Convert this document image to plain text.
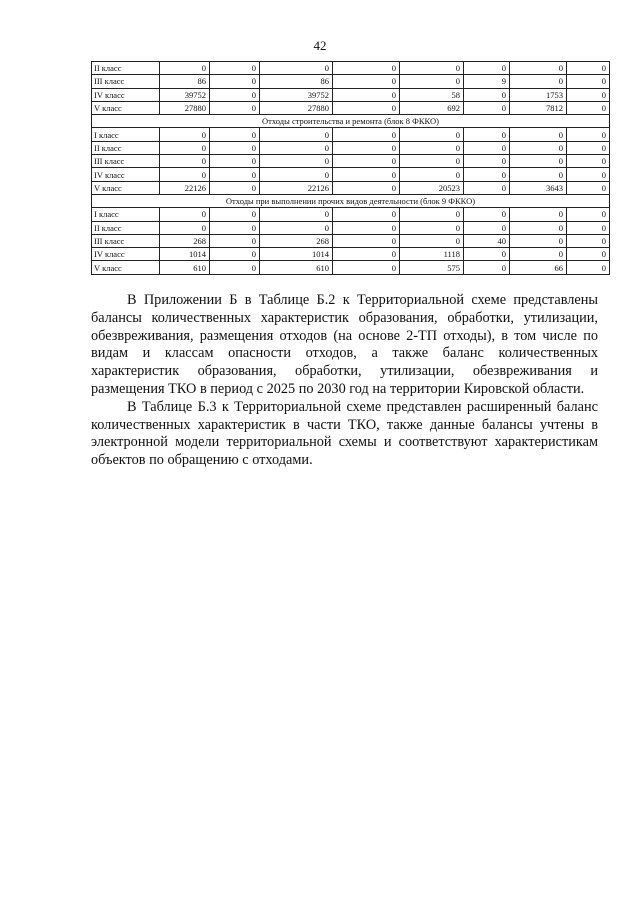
42
II класс	0	0	0	0	0	0	0	0
III класс	86	0	86	0	0	9	0	0
IV класс	39752	0	39752	0	58	0	1753	0
V класс	27880	0	27880	0	692	0	7812	0
Отходы строительства и ремонта (блок 8 ФККО)								
I класс	0	0	0	0	0	0	0	0
II класс	0	0	0	0	0	0	0	0
III класс	0	0	0	0	0	0	0	0
IV класс	0	0	0	0	0	0	0	0
V класс	22126	0	22126	0	20523	0	3643	0
Отходы при выполнении прочих видов деятельности (блок 9 ФККО)								
I класс	0	0	0	0	0	0	0	0
II класс	0	0	0	0	0	0	0	0
III класс	268	0	268	0	0	40	0	0
IV класс	1014	0	1014	0	1118	0	0	0
V класс	610	0	610	0	575	0	66	0

В Приложении Б в Таблице Б.2 к Территориальной схеме представлены балансы количественных характеристик образования, обработки, утилизации, обезвреживания, размещения отходов (на основе 2-ТП отходы), в том числе по видам и классам опасности отходов, а также баланс количественных характеристик образования, обработки, утилизации, обезвреживания и размещения ТКО в период с 2025 по 2030 год на территории Кировской области.

В Таблице Б.3 к Территориальной схеме представлен расширенный баланс количественных характеристик в части ТКО, также данные балансы учтены в электронной модели территориальной схемы и соответствуют характеристикам объектов по обращению с отходами.
